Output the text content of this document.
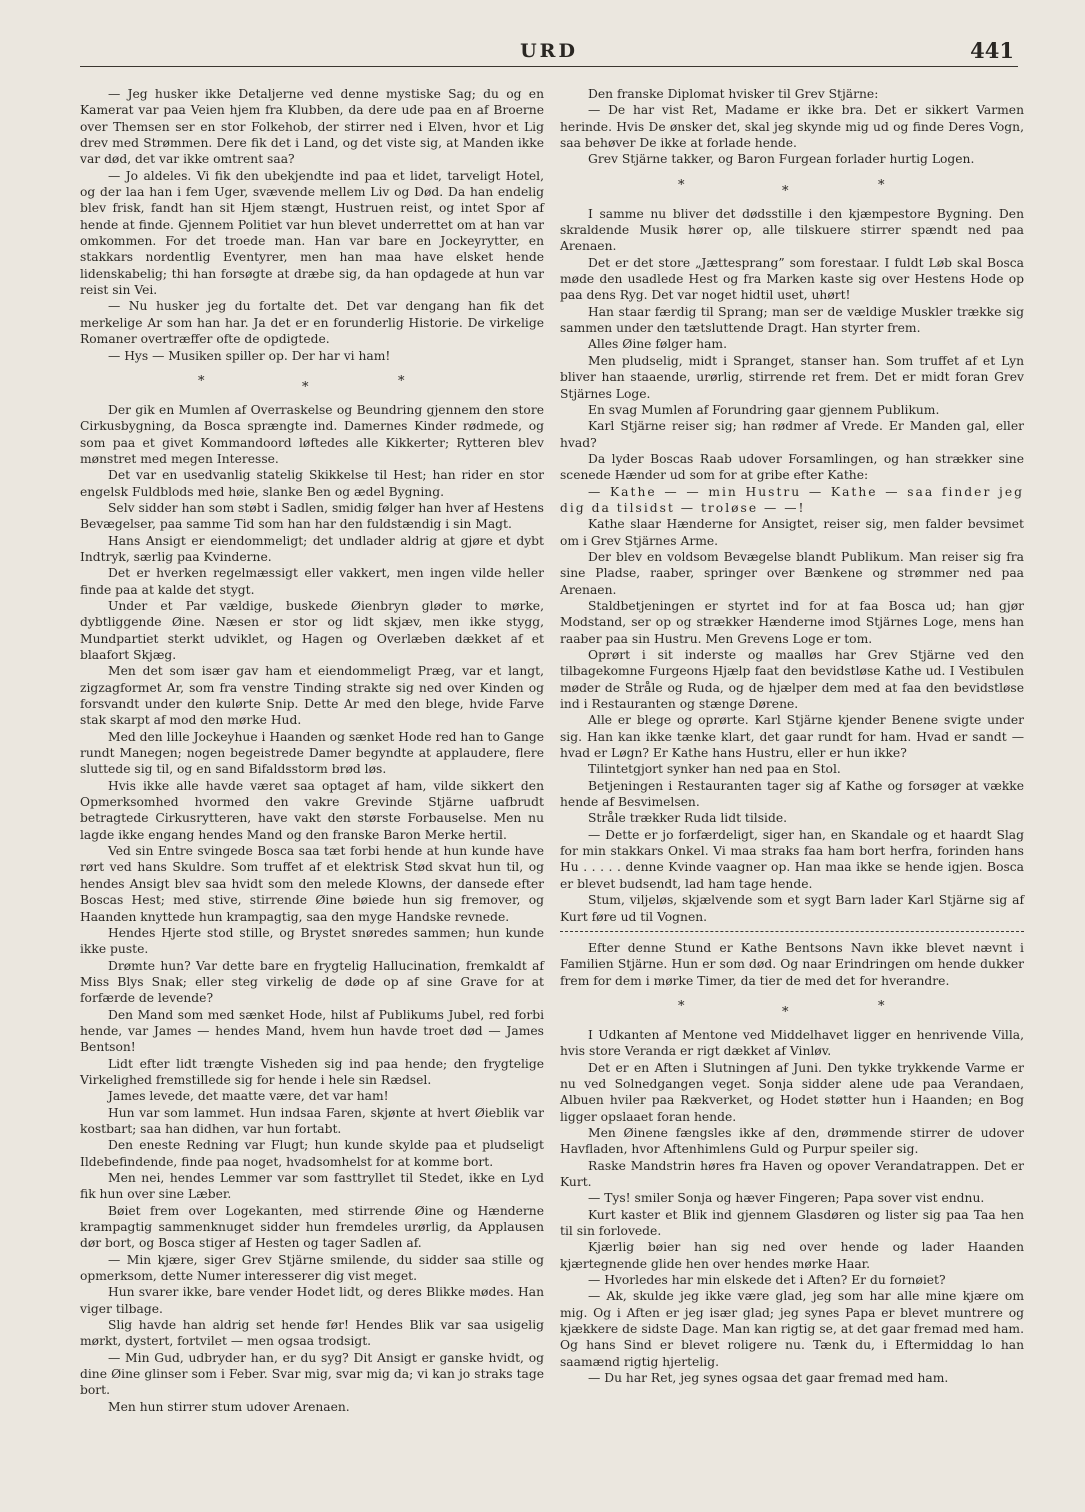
URD	441

— Jeg husker ikke Detaljerne ved denne mystiske Sag; du og en Kamerat var paa Veien hjem fra Klubben, da dere ude paa en af Broerne over Themsen ser en stor Folkehob, der stirrer ned i Elven, hvor et Lig drev med Strømmen. Dere fik det i Land, og det viste sig, at Manden ikke var død, det var ikke omtrent saa?

— Jo aldeles. Vi fik den ubekjendte ind paa et lidet, tarveligt Hotel, og der laa han i fem Uger, svævende mellem Liv og Død. Da han endelig blev frisk, fandt han sit Hjem stængt, Hustruen reist, og intet Spor af hende at finde. Gjennem Politiet var hun blevet underrettet om at han var omkommen. For det troede man. Han var bare en Jockeyrytter, en stakkars nordentlig Eventyrer, men han maa have elsket hende lidenskabelig; thi han forsøgte at dræbe sig, da han opdagede at hun var reist sin Vei.

— Nu husker jeg du fortalte det. Det var dengang han fik det merkelige Ar som han har. Ja det er en forunderlig Historie. De virkelige Romaner overtræffer ofte de opdigtede.

— Hys — Musiken spiller op. Der har vi ham!

*	*	*

Der gik en Mumlen af Overraskelse og Beundring gjennem den store Cirkusbygning, da Bosca sprængte ind. Damernes Kinder rødmede, og som paa et givet Kommandoord løftedes alle Kikkerter; Rytteren blev mønstret med megen Interesse.

Det var en usedvanlig statelig Skikkelse til Hest; han rider en stor engelsk Fuldblods med høie, slanke Ben og ædel Bygning.

Selv sidder han som støbt i Sadlen, smidig følger han hver af Hestens Bevægelser, paa samme Tid som han har den fuldstændig i sin Magt.

Hans Ansigt er eiendommeligt; det undlader aldrig at gjøre et dybt Indtryk, særlig paa Kvinderne.

Det er hverken regelmæssigt eller vakkert, men ingen vilde heller finde paa at kalde det stygt.

Under et Par vældige, buskede Øienbryn gløder to mørke, dybtliggende Øine. Næsen er stor og lidt skjæv, men ikke stygg, Mundpartiet sterkt udviklet, og Hagen og Overlæben dækket af et blaafort Skjæg.

Men det som især gav ham et eiendommeligt Præg, var et langt, zigzagformet Ar, som fra venstre Tinding strakte sig ned over Kinden og forsvandt under den kulørte Snip. Dette Ar med den blege, hvide Farve stak skarpt af mod den mørke Hud.

Med den lille Jockeyhue i Haanden og sænket Hode red han to Gange rundt Manegen; nogen begeistrede Damer begyndte at applaudere, flere sluttede sig til, og en sand Bifaldsstorm brød løs.

Hvis ikke alle havde været saa optaget af ham, vilde sikkert den Opmerksomhed hvormed den vakre Grevinde Stjärne uafbrudt betragtede Cirkusrytteren, have vakt den største Forbauselse. Men nu lagde ikke engang hendes Mand og den franske Baron Merke hertil.

Ved sin Entre svingede Bosca saa tæt forbi hende at hun kunde have rørt ved hans Skuldre. Som truffet af et elektrisk Stød skvat hun til, og hendes Ansigt blev saa hvidt som den melede Klowns, der dansede efter Boscas Hest; med stive, stirrende Øine bøiede hun sig fremover, og Haanden knyttede hun krampagtig, saa den myge Handske revnede.

Hendes Hjerte stod stille, og Brystet snøredes sammen; hun kunde ikke puste.

Drømte hun? Var dette bare en frygtelig Hallucination, fremkaldt af Miss Blys Snak; eller steg virkelig de døde op af sine Grave for at forfærde de levende?

Den Mand som med sænket Hode, hilst af Publikums Jubel, red forbi hende, var James — hendes Mand, hvem hun havde troet død — James Bentson!

Lidt efter lidt trængte Visheden sig ind paa hende; den frygtelige Virkelighed fremstillede sig for hende i hele sin Rædsel.

James levede, det maatte være, det var ham!

Hun var som lammet. Hun indsaa Faren, skjønte at hvert Øieblik var kostbart; saa han didhen, var hun fortabt.

Den eneste Redning var Flugt; hun kunde skylde paa et pludseligt Ildebefindende, finde paa noget, hvadsomhelst for at komme bort.

Men nei, hendes Lemmer var som fasttryllet til Stedet, ikke en Lyd fik hun over sine Læber.

Bøiet frem over Logekanten, med stirrende Øine og Hænderne krampagtig sammenknuget sidder hun fremdeles urørlig, da Applausen dør bort, og Bosca stiger af Hesten og tager Sadlen af.

— Min kjære, siger Grev Stjärne smilende, du sidder saa stille og opmerksom, dette Numer interesserer dig vist meget.

Hun svarer ikke, bare vender Hodet lidt, og deres Blikke mødes. Han viger tilbage.

Slig havde han aldrig set hende før! Hendes Blik var saa usigelig mørkt, dystert, fortvilet — men ogsaa trodsigt.

— Min Gud, udbryder han, er du syg? Dit Ansigt er ganske hvidt, og dine Øine glinser som i Feber. Svar mig, svar mig da; vi kan jo straks tage bort.

Men hun stirrer stum udover Arenaen.

Den franske Diplomat hvisker til Grev Stjärne:

— De har vist Ret, Madame er ikke bra. Det er sikkert Varmen herinde. Hvis De ønsker det, skal jeg skynde mig ud og finde Deres Vogn, saa behøver De ikke at forlade hende.

Grev Stjärne takker, og Baron Furgean forlader hurtig Logen.

*	*	*

I samme nu bliver det dødsstille i den kjæmpestore Bygning. Den skraldende Musik hører op, alle tilskuere stirrer spændt ned paa Arenaen.

Det er det store „Jættesprang” som forestaar. I fuldt Løb skal Bosca møde den usadlede Hest og fra Marken kaste sig over Hestens Hode op paa dens Ryg. Det var noget hidtil uset, uhørt!

Han staar færdig til Sprang; man ser de vældige Muskler trække sig sammen under den tætsluttende Dragt. Han styrter frem.

Alles Øine følger ham.

Men pludselig, midt i Spranget, stanser han. Som truffet af et Lyn bliver han staaende, urørlig, stirrende ret frem. Det er midt foran Grev Stjärnes Loge.

En svag Mumlen af Forundring gaar gjennem Publikum.

Karl Stjärne reiser sig; han rødmer af Vrede. Er Manden gal, eller hvad?

Da lyder Boscas Raab udover Forsamlingen, og han strækker sine scenede Hænder ud som for at gribe efter Kathe:

— Kathe — — min Hustru — Kathe — saa finder jeg dig da tilsidst — troløse — —!

Kathe slaar Hænderne for Ansigtet, reiser sig, men falder bevsimet om i Grev Stjärnes Arme.

Der blev en voldsom Bevægelse blandt Publikum. Man reiser sig fra sine Pladse, raaber, springer over Bænkene og strømmer ned paa Arenaen.

Staldbetjeningen er styrtet ind for at faa Bosca ud; han gjør Modstand, ser op og strækker Hænderne imod Stjärnes Loge, mens han raaber paa sin Hustru. Men Grevens Loge er tom.

Oprørt i sit inderste og maalløs har Grev Stjärne ved den tilbagekomne Furgeons Hjælp faat den bevidstløse Kathe ud. I Vestibulen møder de Stråle og Ruda, og de hjælper dem med at faa den bevidstløse ind i Restauranten og stænge Dørene.

Alle er blege og oprørte. Karl Stjärne kjender Benene svigte under sig. Han kan ikke tænke klart, det gaar rundt for ham. Hvad er sandt — hvad er Løgn? Er Kathe hans Hustru, eller er hun ikke?

Tilintetgjort synker han ned paa en Stol.

Betjeningen i Restauranten tager sig af Kathe og forsøger at vække hende af Besvimelsen.

Stråle trækker Ruda lidt tilside.

— Dette er jo forfærdeligt, siger han, en Skandale og et haardt Slag for min stakkars Onkel. Vi maa straks faa ham bort herfra, forinden hans Hu . . . . . denne Kvinde vaagner op. Han maa ikke se hende igjen. Bosca er blevet budsendt, lad ham tage hende.

Stum, viljeløs, skjælvende som et sygt Barn lader Karl Stjärne sig af Kurt føre ud til Vognen.

Efter denne Stund er Kathe Bentsons Navn ikke blevet nævnt i Familien Stjärne. Hun er som død. Og naar Erindringen om hende dukker frem for dem i mørke Timer, da tier de med det for hverandre.

*	*	*

I Udkanten af Mentone ved Middelhavet ligger en henrivende Villa, hvis store Veranda er rigt dækket af Vinløv.

Det er en Aften i Slutningen af Juni. Den tykke trykkende Varme er nu ved Solnedgangen veget. Sonja sidder alene ude paa Verandaen, Albuen hviler paa Rækverket, og Hodet støtter hun i Haanden; en Bog ligger opslaaet foran hende.

Men Øinene fængsles ikke af den, drømmende stirrer de udover Havfladen, hvor Aftenhimlens Guld og Purpur speiler sig.

Raske Mandstrin høres fra Haven og opover Verandatrappen. Det er Kurt.

— Tys! smiler Sonja og hæver Fingeren; Papa sover vist endnu.

Kurt kaster et Blik ind gjennem Glasdøren og lister sig paa Taa hen til sin forlovede.

Kjærlig bøier han sig ned over hende og lader Haanden kjærtegnende glide hen over hendes mørke Haar.

— Hvorledes har min elskede det i Aften? Er du fornøiet?

— Ak, skulde jeg ikke være glad, jeg som har alle mine kjære om mig. Og i Aften er jeg især glad; jeg synes Papa er blevet muntrere og kjækkere de sidste Dage. Man kan rigtig se, at det gaar fremad med ham. Og hans Sind er blevet roligere nu. Tænk du, i Eftermiddag lo han saamænd rigtig hjertelig.

— Du har Ret, jeg synes ogsaa det gaar fremad med ham.
